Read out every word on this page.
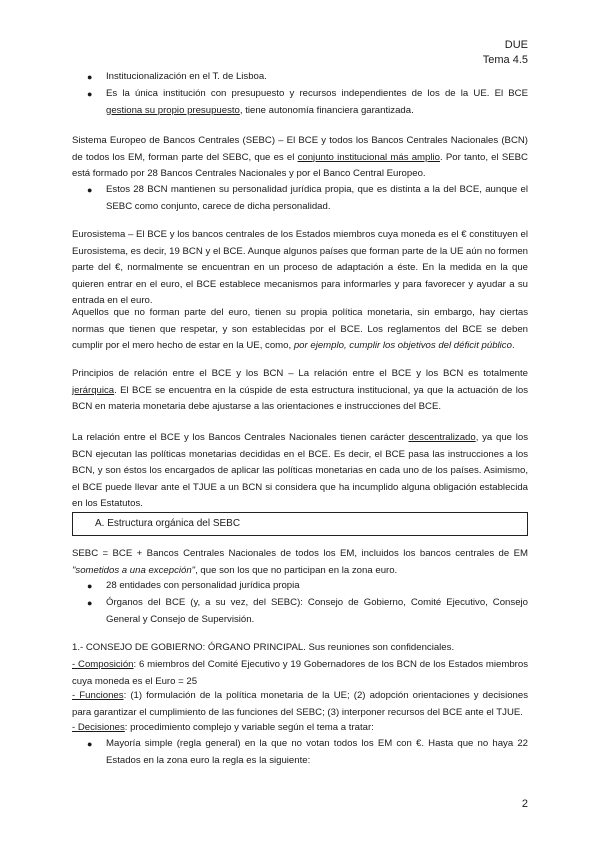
DUE
Tema 4.5
● Institucionalización en el T. de Lisboa.
● Es la única institución con presupuesto y recursos independientes de los de la UE. El BCE gestiona su propio presupuesto, tiene autonomía financiera garantizada.
Sistema Europeo de Bancos Centrales (SEBC) – El BCE y todos los Bancos Centrales Nacionales (BCN) de todos los EM, forman parte del SEBC, que es el conjunto institucional más amplio. Por tanto, el SEBC está formado por 28 Bancos Centrales Nacionales y por el Banco Central Europeo.
● Estos 28 BCN mantienen su personalidad jurídica propia, que es distinta a la del BCE, aunque el SEBC como conjunto, carece de dicha personalidad.
Eurosistema – El BCE y los bancos centrales de los Estados miembros cuya moneda es el € constituyen el Eurosistema, es decir, 19 BCN y el BCE. Aunque algunos países que forman parte de la UE aún no formen parte del €, normalmente se encuentran en un proceso de adaptación a éste. En la medida en la que quieren entrar en el euro, el BCE establece mecanismos para informarles y para favorecer y ayudar a su entrada en el euro.
Aquellos que no forman parte del euro, tienen su propia política monetaria, sin embargo, hay ciertas normas que tienen que respetar, y son establecidas por el BCE. Los reglamentos del BCE se deben cumplir por el mero hecho de estar en la UE, como, por ejemplo, cumplir los objetivos del déficit público.
Principios de relación entre el BCE y los BCN – La relación entre el BCE y los BCN es totalmente jerárquica. El BCE se encuentra en la cúspide de esta estructura institucional, ya que la actuación de los BCN en materia monetaria debe ajustarse a las orientaciones e instrucciones del BCE.
La relación entre el BCE y los Bancos Centrales Nacionales tienen carácter descentralizado, ya que los BCN ejecutan las políticas monetarias decididas en el BCE. Es decir, el BCE pasa las instrucciones a los BCN, y son éstos los encargados de aplicar las políticas monetarias en cada uno de los países. Asimismo, el BCE puede llevar ante el TJUE a un BCN si considera que ha incumplido alguna obligación establecida en los Estatutos.
A. Estructura orgánica del SEBC
SEBC = BCE + Bancos Centrales Nacionales de todos los EM, incluidos los bancos centrales de EM "sometidos a una excepción", que son los que no participan en la zona euro.
● 28 entidades con personalidad jurídica propia
● Órganos del BCE (y, a su vez, del SEBC): Consejo de Gobierno, Comité Ejecutivo, Consejo General y Consejo de Supervisión.
1.- CONSEJO DE GOBIERNO: ÓRGANO PRINCIPAL. Sus reuniones son confidenciales.
- Composición: 6 miembros del Comité Ejecutivo y 19 Gobernadores de los BCN de los Estados miembros cuya moneda es el Euro = 25
- Funciones: (1) formulación de la política monetaria de la UE; (2) adopción orientaciones y decisiones para garantizar el cumplimiento de las funciones del SEBC; (3) interponer recursos del BCE ante el TJUE.
- Decisiones: procedimiento complejo y variable según el tema a tratar:
● Mayoría simple (regla general) en la que no votan todos los EM con €. Hasta que no haya 22 Estados en la zona euro la regla es la siguiente:
2
